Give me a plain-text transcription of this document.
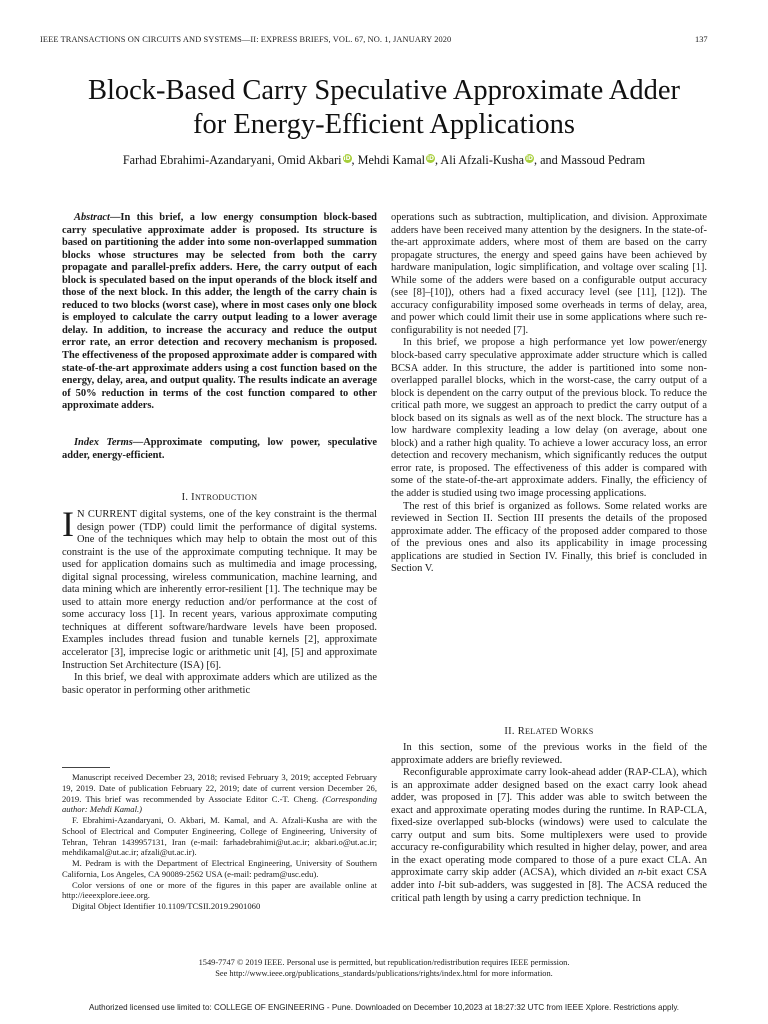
IEEE TRANSACTIONS ON CIRCUITS AND SYSTEMS—II: EXPRESS BRIEFS, VOL. 67, NO. 1, JANUARY 2020	137
Block-Based Carry Speculative Approximate Adder
for Energy-Efficient Applications
Farhad Ebrahimi-Azandaryani, Omid Akbari iD, Mehdi Kamal iD, Ali Afzali-Kusha iD, and Massoud Pedram

Abstract—In this brief, a low energy consumption block-based carry speculative approximate adder is proposed. Its structure is based on partitioning the adder into some non-overlapped summation blocks whose structures may be selected from both the carry propagate and parallel-prefix adders. Here, the carry output of each block is speculated based on the input operands of the block itself and those of the next block. In this adder, the length of the carry chain is reduced to two blocks (worst case), where in most cases only one block is employed to calculate the carry output leading to a lower average delay. In addition, to increase the accuracy and reduce the output error rate, an error detection and recovery mechanism is proposed. The effectiveness of the proposed approximate adder is compared with state-of-the-art approximate adders using a cost function based on the energy, delay, area, and output quality. The results indicate an average of 50% reduction in terms of the cost function compared to other approximate adders.

Index Terms—Approximate computing, low power, speculative adder, energy-efficient.

I. INTRODUCTION

I N CURRENT digital systems, one of the key constraint is the thermal design power (TDP) could limit the performance of digital systems. One of the techniques which may help to obtain the most out of this constraint is the use of the approximate computing technique. It may be used for application domains such as multimedia and image processing, digital signal processing, wireless communication, machine learning, and data mining which are inherently error-resilient [1]. The technique may be used to attain more energy reduction and/or performance at the cost of some accuracy loss [1]. In recent years, various approximate computing techniques at different software/hardware levels have been proposed. Examples includes thread fusion and tunable kernels [2], approximate accelerator [3], imprecise logic or arithmetic unit [4], [5] and approximate Instruction Set Architecture (ISA) [6].

In this brief, we deal with approximate adders which are utilized as the basic operator in performing other arithmetic

Manuscript received December 23, 2018; revised February 3, 2019; accepted February 19, 2019. Date of publication February 22, 2019; date of current version December 26, 2019. This brief was recommended by Associate Editor C.-T. Cheng. (Corresponding author: Mehdi Kamal.)

F. Ebrahimi-Azandaryani, O. Akbari, M. Kamal, and A. Afzali-Kusha are with the School of Electrical and Computer Engineering, College of Engineering, University of Tehran, Tehran 1439957131, Iran (e-mail: farhadebrahimi@ut.ac.ir; akbari.o@ut.ac.ir; mehdikamal@ut.ac.ir; afzali@ut.ac.ir).

M. Pedram is with the Department of Electrical Engineering, University of Southern California, Los Angeles, CA 90089-2562 USA (e-mail: pedram@usc.edu).

Color versions of one or more of the figures in this paper are available online at http://ieeexplore.ieee.org.

Digital Object Identifier 10.1109/TCSII.2019.2901060

operations such as subtraction, multiplication, and division. Approximate adders have been received many attention by the designers. In the state-of-the-art approximate adders, where most of them are based on the carry propagate structures, the energy and speed gains have been achieved by hardware manipulation, logic simplification, and voltage over scaling [1]. While some of the adders were based on a configurable output accuracy (see [8]–[10]), others had a fixed accuracy level (see [11], [12]). The accuracy configurability imposed some overheads in terms of delay, area, and power which could limit their use in some applications where such re-configurability is not needed [7].

In this brief, we propose a high performance yet low power/energy block-based carry speculative approximate adder structure which is called BCSA adder. In this structure, the adder is partitioned into some non-overlapped parallel blocks, which in the worst-case, the carry output of a block is dependent on the carry output of the previous block. To reduce the critical path more, we suggest an approach to predict the carry output of a block based on its signals as well as of the next block. The structure has a low hardware complexity leading a low delay (on average, about one block) and a rather high quality. To achieve a lower accuracy loss, an error detection and recovery mechanism, which significantly reduces the output error rate, is proposed. The effectiveness of this adder is compared with some of the state-of-the-art approximate adders. Finally, the efficiency of the adder is studied using two image processing applications.

The rest of this brief is organized as follows. Some related works are reviewed in Section II. Section III presents the details of the proposed approximate adder. The efficacy of the proposed adder compared to those of the previous ones and also its applicability in image processing applications are studied in Section IV. Finally, this brief is concluded in Section V.

II. RELATED WORKS

In this section, some of the previous works in the field of the approximate adders are briefly reviewed.

Reconfigurable approximate carry look-ahead adder (RAP-CLA), which is an approximate adder designed based on the exact carry look ahead adder, was proposed in [7]. This adder was able to switch between the exact and approximate operating modes during the runtime. In RAP-CLA, fixed-size overlapped sub-blocks (windows) were used to calculate the carry output and sum bits. Some multiplexers were used to provide accuracy re-configurability which resulted in higher delay, power, and area in the exact operating mode compared to those of a pure exact CLA. An approximate carry skip adder (ACSA), which divided an n-bit exact CSA adder into l-bit sub-adders, was suggested in [8]. The ACSA reduced the critical path length by using a carry prediction technique. In

1549-7747 © 2019 IEEE. Personal use is permitted, but republication/redistribution requires IEEE permission.
See http://www.ieee.org/publications_standards/publications/rights/index.html for more information.
Authorized licensed use limited to: COLLEGE OF ENGINEERING - Pune. Downloaded on December 10,2023 at 18:27:32 UTC from IEEE Xplore. Restrictions apply.
